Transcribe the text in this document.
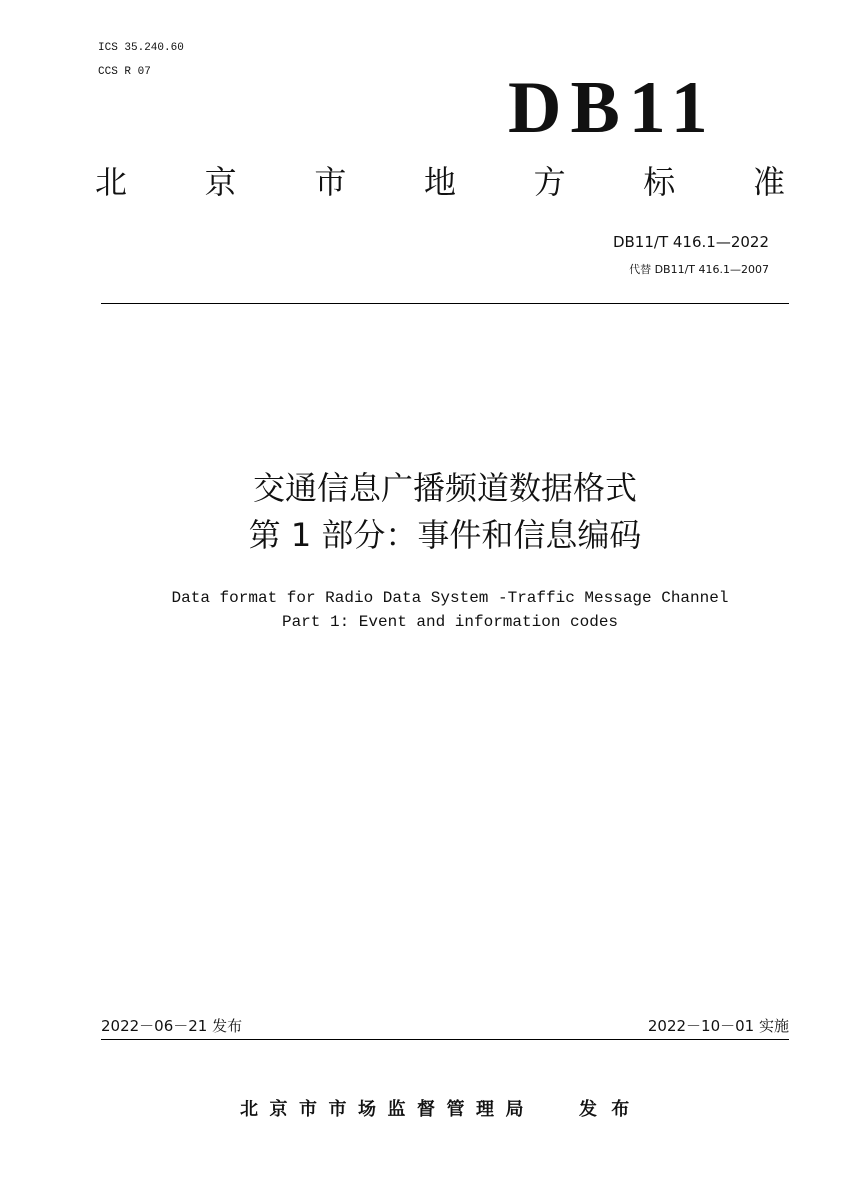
ICS 35.240.60
CCS R 07	DB11
北 京 市 地 方 标 准
DB11/T 416.1—2022
代替 DB11/T 416.1—2007
交通信息广播频道数据格式
第 1 部分：事件和信息编码
Data format for Radio Data System -Traffic Message Channel
Part 1: Event and information codes
2022－06－21 发布	2022－10－01 实施
北京市市场监督管理局 发 布
